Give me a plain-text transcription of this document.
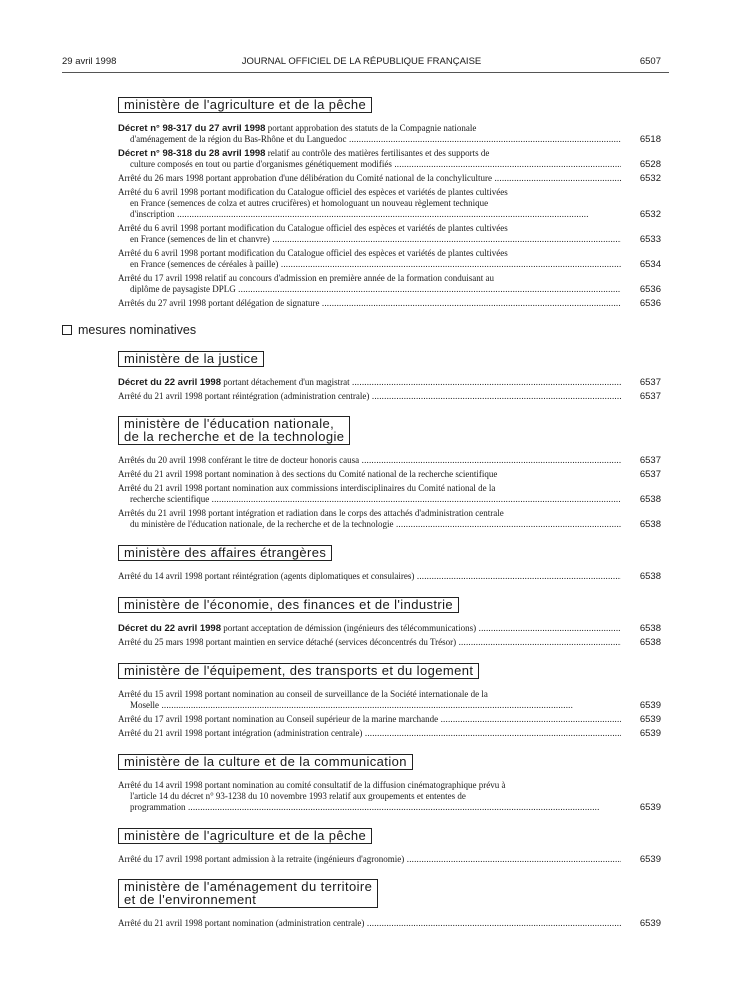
29 avril 1998	JOURNAL OFFICIEL DE LA RÉPUBLIQUE FRANÇAISE	6507
ministère de l'agriculture et de la pêche
Décret n° 98-317 du 27 avril 1998 portant approbation des statuts de la Compagnie nationale
d'aménagement de la région du Bas-Rhône et du Languedoc .....	6518
Décret n° 98-318 du 28 avril 1998 relatif au contrôle des matières fertilisantes et des supports de
culture composés en tout ou partie d'organismes génétiquement modifiés .....	6528
Arrêté du 26 mars 1998 portant approbation d'une délibération du Comité national de la conchyliculture .....	6532
Arrêté du 6 avril 1998 portant modification du Catalogue officiel des espèces et variétés de plantes cultivées
en France (semences de colza et autres crucifères) et homologuant un nouveau règlement technique
d'inscription .....	6532
Arrêté du 6 avril 1998 portant modification du Catalogue officiel des espèces et variétés de plantes cultivées
en France (semences de lin et chanvre) .....	6533
Arrêté du 6 avril 1998 portant modification du Catalogue officiel des espèces et variétés de plantes cultivées
en France (semences de céréales à paille) .....	6534
Arrêté du 17 avril 1998 relatif au concours d'admission en première année de la formation conduisant au
diplôme de paysagiste DPLG .....	6536
Arrêtés du 27 avril 1998 portant délégation de signature .....	6536
mesures nominatives
ministère de la justice
Décret du 22 avril 1998 portant détachement d'un magistrat .....	6537
Arrêté du 21 avril 1998 portant réintégration (administration centrale) .....	6537
ministère de l'éducation nationale,
de la recherche et de la technologie
Arrêtés du 20 avril 1998 conférant le titre de docteur honoris causa .....	6537
Arrêté du 21 avril 1998 portant nomination à des sections du Comité national de la recherche scientifique	6537
Arrêté du 21 avril 1998 portant nomination aux commissions interdisciplinaires du Comité national de la
recherche scientifique .....	6538
Arrêtés du 21 avril 1998 portant intégration et radiation dans le corps des attachés d'administration centrale
du ministère de l'éducation nationale, de la recherche et de la technologie .....	6538
ministère des affaires étrangères
Arrêté du 14 avril 1998 portant réintégration (agents diplomatiques et consulaires) .....	6538
ministère de l'économie, des finances et de l'industrie
Décret du 22 avril 1998 portant acceptation de démission (ingénieurs des télécommunications) .....	6538
Arrêté du 25 mars 1998 portant maintien en service détaché (services déconcentrés du Trésor) .....	6538
ministère de l'équipement, des transports et du logement
Arrêté du 15 avril 1998 portant nomination au conseil de surveillance de la Société internationale de la
Moselle .....	6539
Arrêté du 17 avril 1998 portant nomination au Conseil supérieur de la marine marchande .....	6539
Arrêté du 21 avril 1998 portant intégration (administration centrale) .....	6539
ministère de la culture et de la communication
Arrêté du 14 avril 1998 portant nomination au comité consultatif de la diffusion cinématographique prévu à
l'article 14 du décret n° 93-1238 du 10 novembre 1993 relatif aux groupements et ententes de
programmation .....	6539
ministère de l'agriculture et de la pêche
Arrêté du 17 avril 1998 portant admission à la retraite (ingénieurs d'agronomie) .....	6539
ministère de l'aménagement du territoire
et de l'environnement
Arrêté du 21 avril 1998 portant nomination (administration centrale) .....	6539
